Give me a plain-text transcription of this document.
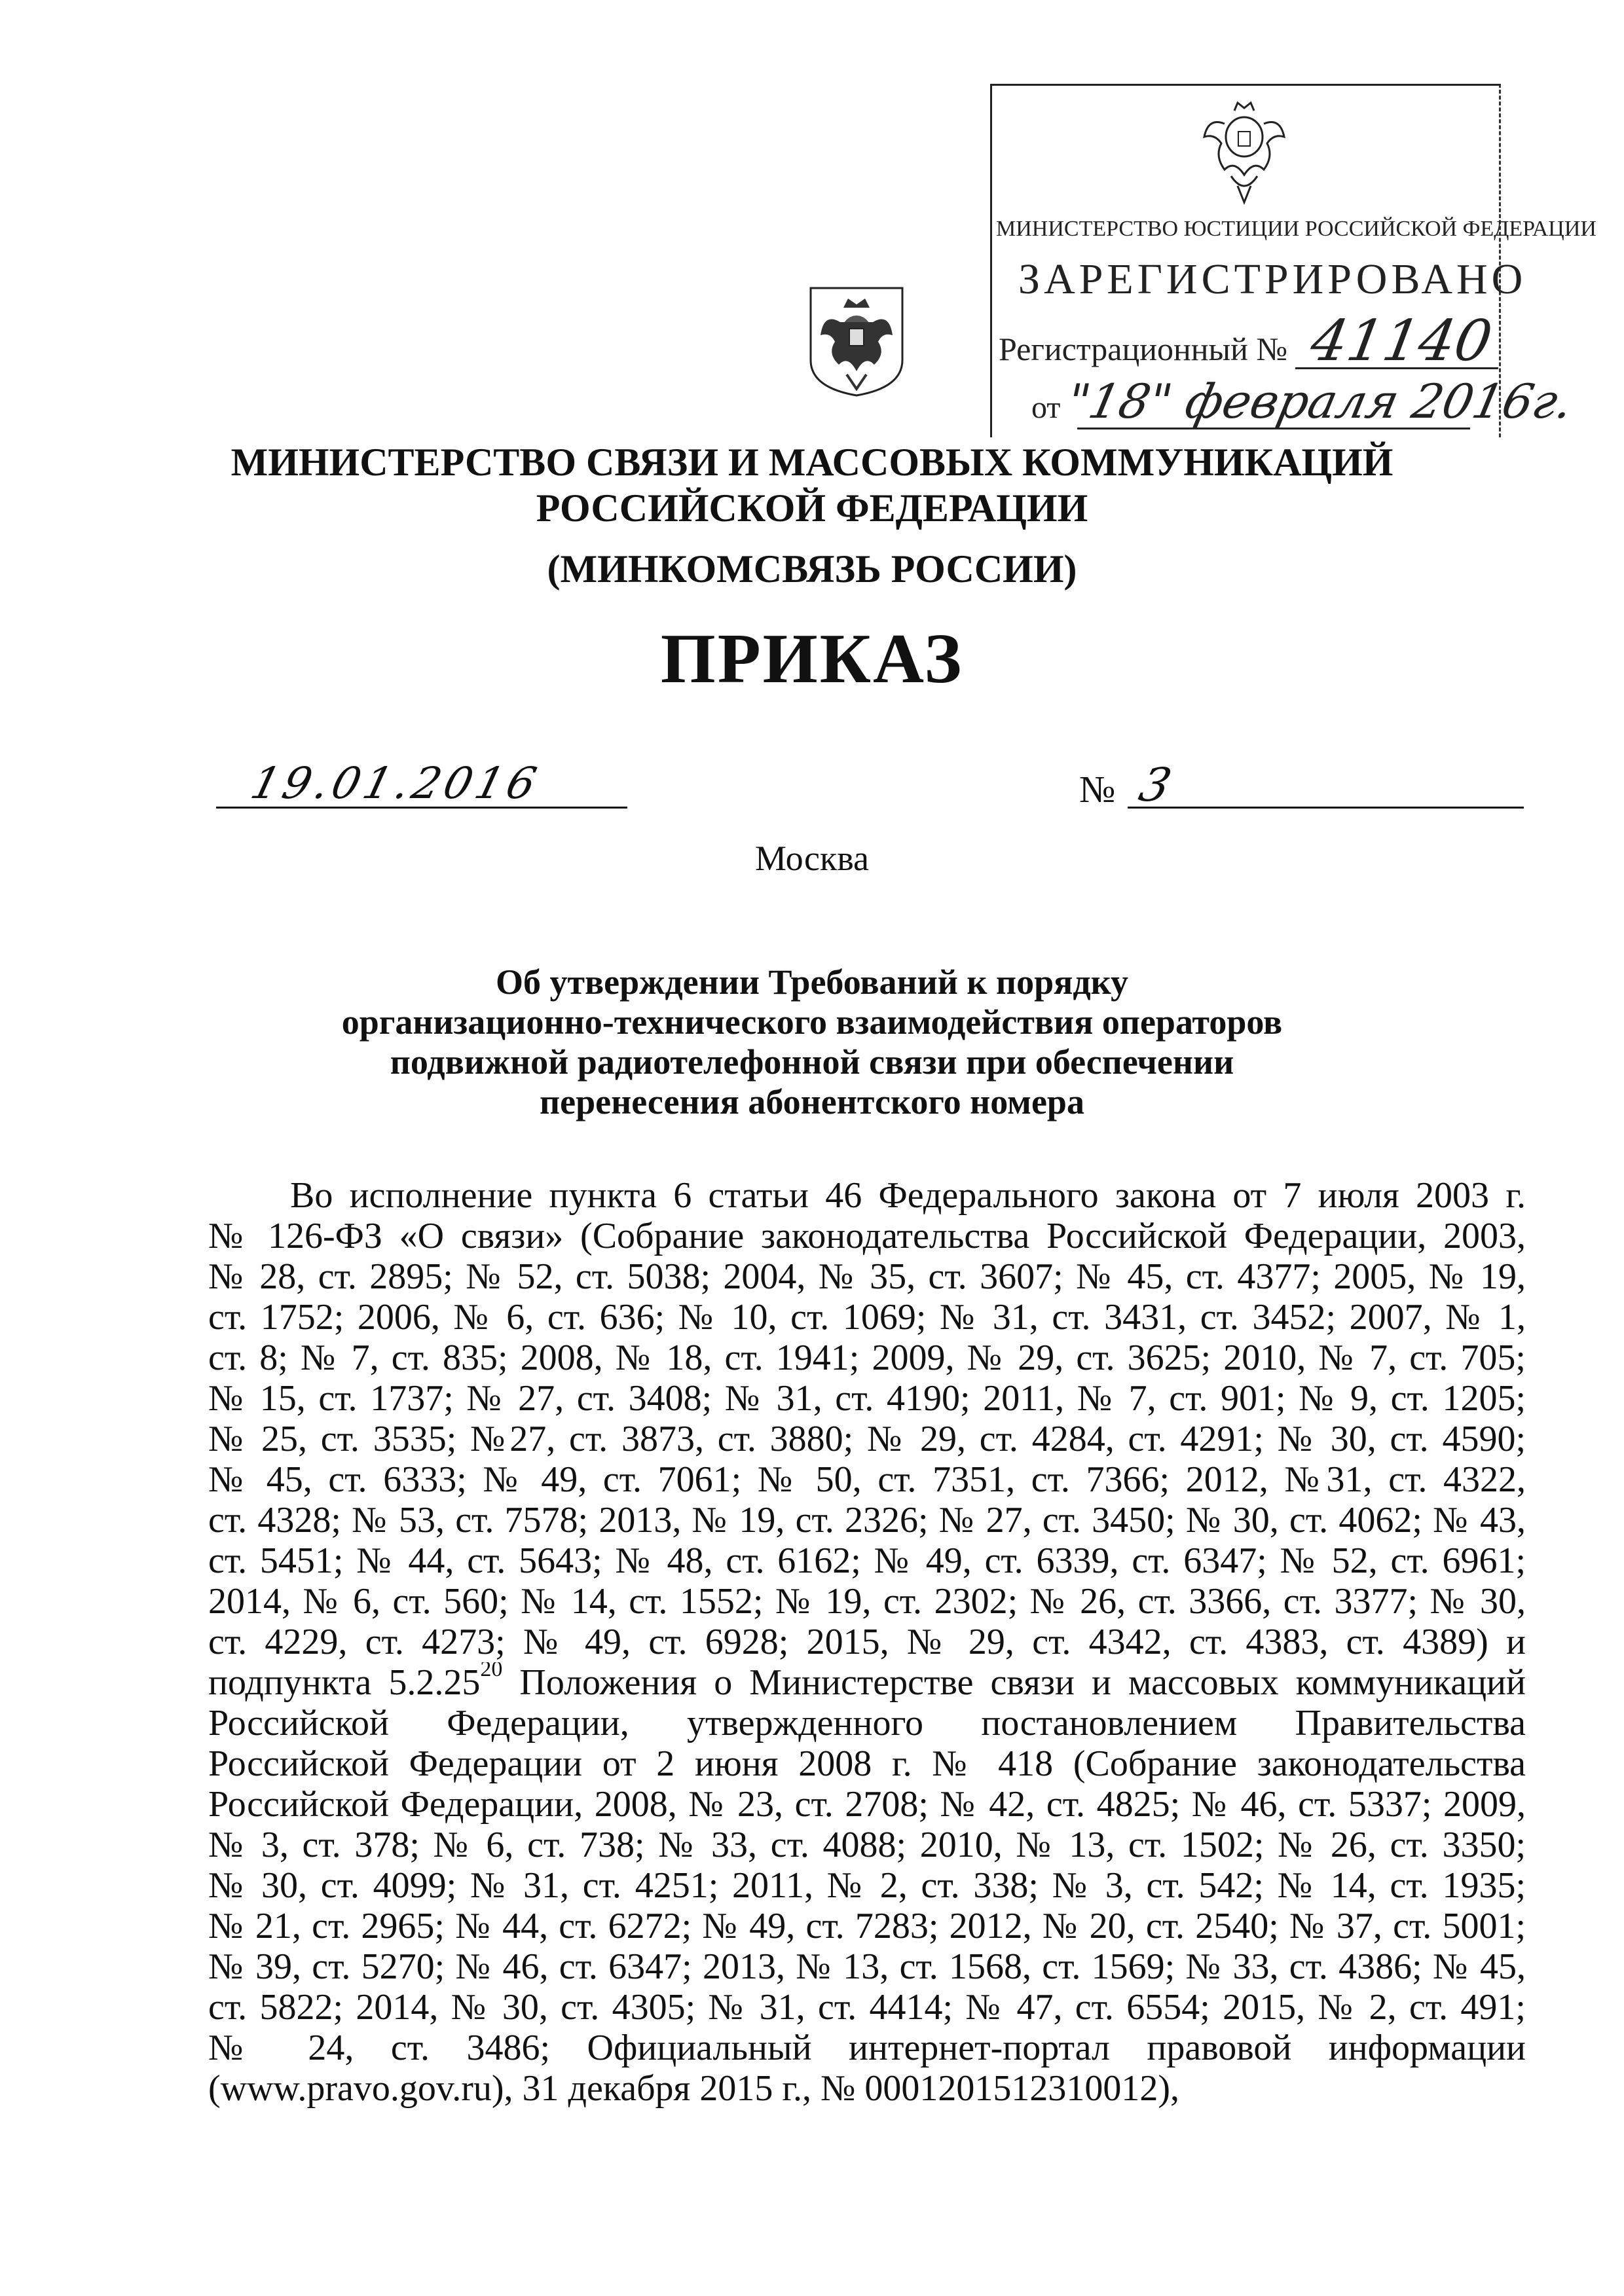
МИНИСТЕРСТВО ЮСТИЦИИ РОССИЙСКОЙ ФЕДЕРАЦИИ
ЗАРЕГИСТРИРОВАНО
Регистрационный № 41140
от "18" февраля 2016г.
МИНИСТЕРСТВО СВЯЗИ И МАССОВЫХ КОММУНИКАЦИЙ
РОССИЙСКОЙ ФЕДЕРАЦИИ
(МИНКОМСВЯЗЬ РОССИИ)
ПРИКАЗ
19.01.2016	№ 3
Москва
Об утверждении Требований к порядку
организационно-технического взаимодействия операторов
подвижной радиотелефонной связи при обеспечении
перенесения абонентского номера
Во исполнение пункта 6 статьи 46 Федерального закона от 7 июля 2003 г.
№ 126-ФЗ «О связи» (Собрание законодательства Российской Федерации, 2003,
№ 28, ст. 2895; № 52, ст. 5038; 2004, № 35, ст. 3607; № 45, ст. 4377; 2005, № 19,
ст. 1752; 2006, № 6, ст. 636; № 10, ст. 1069; № 31, ст. 3431, ст. 3452; 2007, № 1,
ст. 8; № 7, ст. 835; 2008, № 18, ст. 1941; 2009, № 29, ст. 3625; 2010, № 7, ст. 705;
№ 15, ст. 1737; № 27, ст. 3408; № 31, ст. 4190; 2011, № 7, ст. 901; № 9, ст. 1205;
№ 25, ст. 3535; №27, ст. 3873, ст. 3880; № 29, ст. 4284, ст. 4291; № 30, ст. 4590;
№ 45, ст. 6333; № 49, ст. 7061; № 50, ст. 7351, ст. 7366; 2012, №31, ст. 4322,
ст. 4328; № 53, ст. 7578; 2013, № 19, ст. 2326; № 27, ст. 3450; № 30, ст. 4062; № 43,
ст. 5451; № 44, ст. 5643; № 48, ст. 6162; № 49, ст. 6339, ст. 6347; № 52, ст. 6961;
2014, № 6, ст. 560; № 14, ст. 1552; № 19, ст. 2302; № 26, ст. 3366, ст. 3377; № 30,
ст. 4229, ст. 4273; № 49, ст. 6928; 2015, № 29, ст. 4342, ст. 4383, ст. 4389) и
подпункта 5.2.25$^{20}$ Положения о Министерстве связи и массовых коммуникаций
Российской Федерации, утвержденного постановлением Правительства
Российской Федерации от 2 июня 2008 г. № 418 (Собрание законодательства
Российской Федерации, 2008, № 23, ст. 2708; № 42, ст. 4825; № 46, ст. 5337; 2009,
№ 3, ст. 378; № 6, ст. 738; № 33, ст. 4088; 2010, № 13, ст. 1502; № 26, ст. 3350;
№ 30, ст. 4099; № 31, ст. 4251; 2011, № 2, ст. 338; № 3, ст. 542; № 14, ст. 1935;
№ 21, ст. 2965; № 44, ст. 6272; № 49, ст. 7283; 2012, № 20, ст. 2540; № 37, ст. 5001;
№ 39, ст. 5270; № 46, ст. 6347; 2013, № 13, ст. 1568, ст. 1569; № 33, ст. 4386; № 45,
ст. 5822; 2014, № 30, ст. 4305; № 31, ст. 4414; № 47, ст. 6554; 2015, № 2, ст. 491;
№ 24, ст. 3486; Официальный интернет-портал правовой информации
(www.pravo.gov.ru), 31 декабря 2015 г., № 0001201512310012),
